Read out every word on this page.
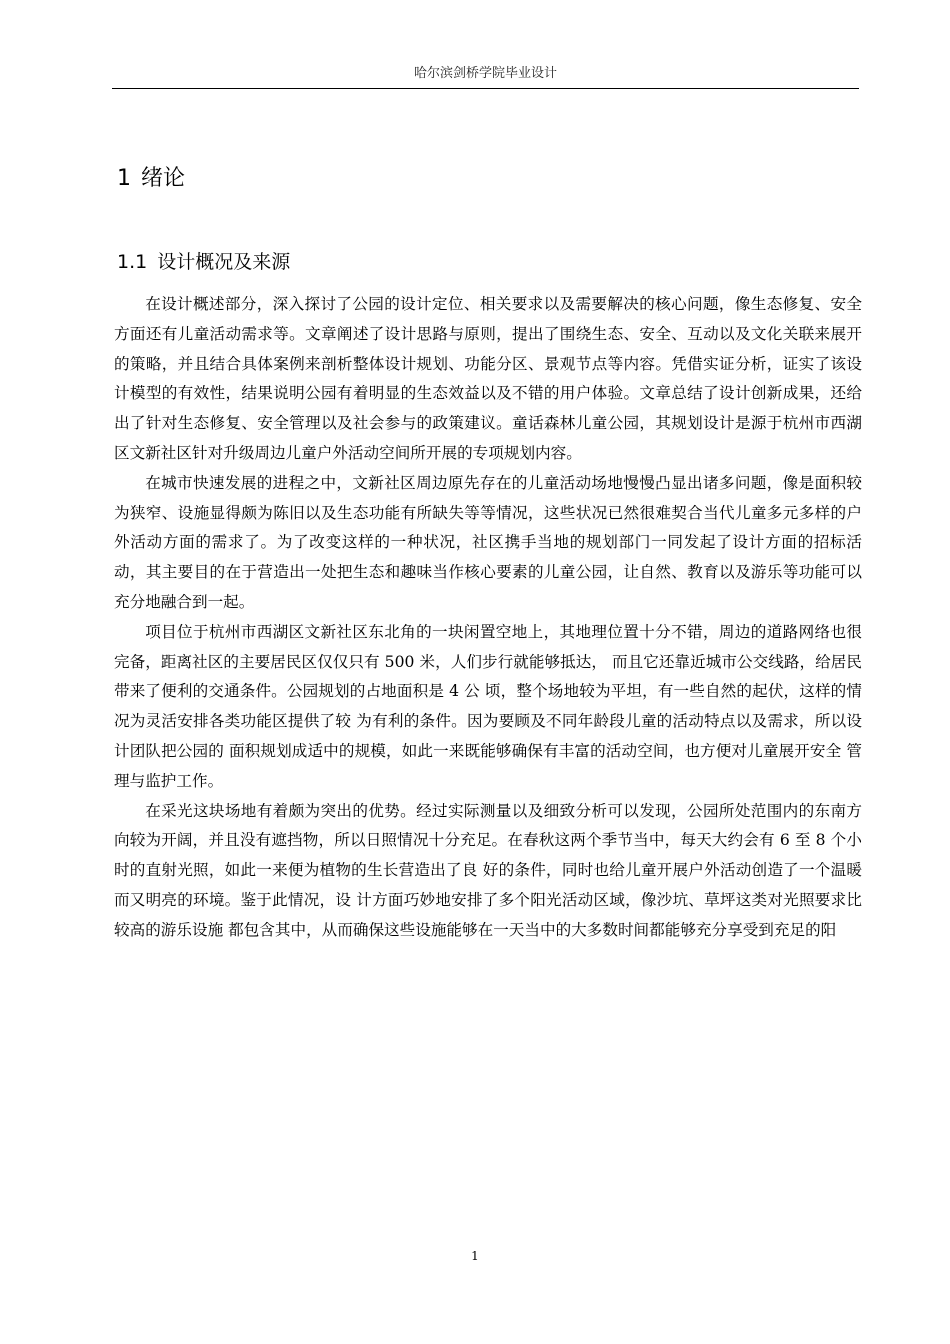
哈尔滨剑桥学院毕业设计
1 绪论
1.1 设计概况及来源

在设计概述部分，深入探讨了公园的设计定位、相关要求以及需要解决的核心问题，像生态修复、安全方面还有儿童活动需求等。文章阐述了设计思路与原则，提出了围绕生态、安全、互动以及文化关联来展开的策略，并且结合具体案例来剖析整体设计规划、功能分区、景观节点等内容。凭借实证分析，证实了该设计模型的有效性，结果说明公园有着明显的生态效益以及不错的用户体验。文章总结了设计创新成果，还给出了针对生态修复、安全管理以及社会参与的政策建议。童话森林儿童公园，其规划设计是源于杭州市西湖区文新社区针对升级周边儿童户外活动空间所开展的专项规划内容。

在城市快速发展的进程之中，文新社区周边原先存在的儿童活动场地慢慢凸显出诸多问题，像是面积较为狭窄、设施显得颇为陈旧以及生态功能有所缺失等等情况，这些状况已然很难契合当代儿童多元多样的户外活动方面的需求了。为了改变这样的一种状况，社区携手当地的规划部门一同发起了设计方面的招标活动，其主要目的在于营造出一处把生态和趣味当作核心要素的儿童公园，让自然、教育以及游乐等功能可以充分地融合到一起。

项目位于杭州市西湖区文新社区东北角的一块闲置空地上，其地理位置十分不错，周边的道路网络也很完备，距离社区的主要居民区仅仅只有 500 米，人们步行就能够抵达， 而且它还靠近城市公交线路，给居民带来了便利的交通条件。公园规划的占地面积是 4 公 顷，整个场地较为平坦，有一些自然的起伏，这样的情况为灵活安排各类功能区提供了较 为有利的条件。因为要顾及不同年龄段儿童的活动特点以及需求，所以设计团队把公园的 面积规划成适中的规模，如此一来既能够确保有丰富的活动空间，也方便对儿童展开安全 管理与监护工作。

在采光这块场地有着颇为突出的优势。经过实际测量以及细致分析可以发现，公园所处范围内的东南方向较为开阔，并且没有遮挡物，所以日照情况十分充足。在春秋这两个季节当中，每天大约会有 6 至 8 个小时的直射光照，如此一来便为植物的生长营造出了良 好的条件，同时也给儿童开展户外活动创造了一个温暖而又明亮的环境。鉴于此情况，设 计方面巧妙地安排了多个阳光活动区域，像沙坑、草坪这类对光照要求比较高的游乐设施 都包含其中，从而确保这些设施能够在一天当中的大多数时间都能够充分享受到充足的阳

1
